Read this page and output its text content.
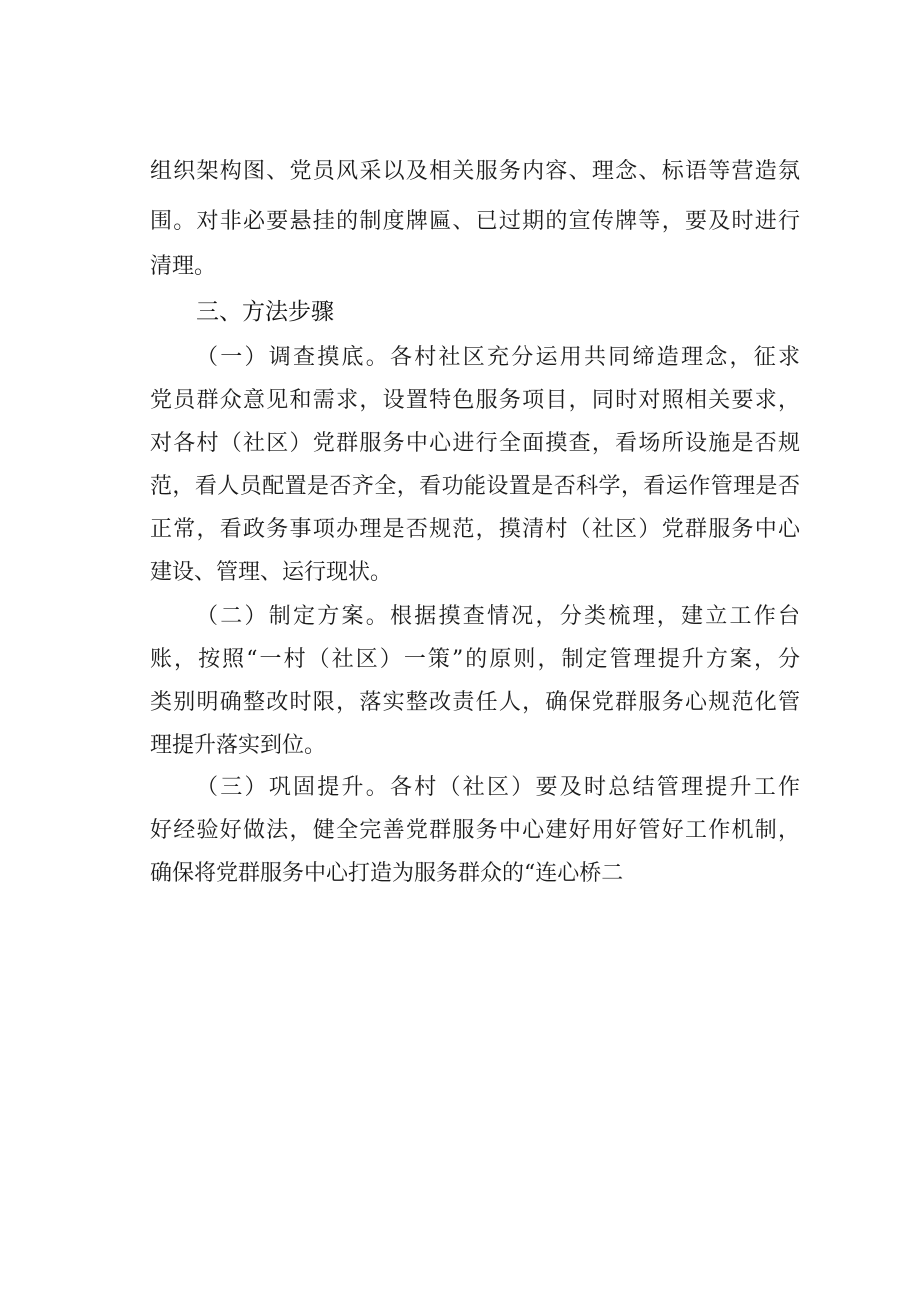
组织架构图、党员风采以及相关服务内容、理念、标语等营造氛
围。对非必要悬挂的制度牌匾、已过期的宣传牌等，要及时进行
清理。
三、方法步骤
（一）调查摸底。各村社区充分运用共同缔造理念，征求
党员群众意见和需求，设置特色服务项目，同时对照相关要求，
对各村（社区）党群服务中心进行全面摸查，看场所设施是否规
范，看人员配置是否齐全，看功能设置是否科学，看运作管理是否
正常，看政务事项办理是否规范，摸清村（社区）党群服务中心
建设、管理、运行现状。
（二）制定方案。根据摸查情况，分类梳理，建立工作台
账，按照“一村（社区）一策”的原则，制定管理提升方案，分
类别明确整改时限，落实整改责任人，确保党群服务心规范化管
理提升落实到位。
（三）巩固提升。各村（社区）要及时总结管理提升工作
好经验好做法，健全完善党群服务中心建好用好管好工作机制，
确保将党群服务中心打造为服务群众的“连心桥二
